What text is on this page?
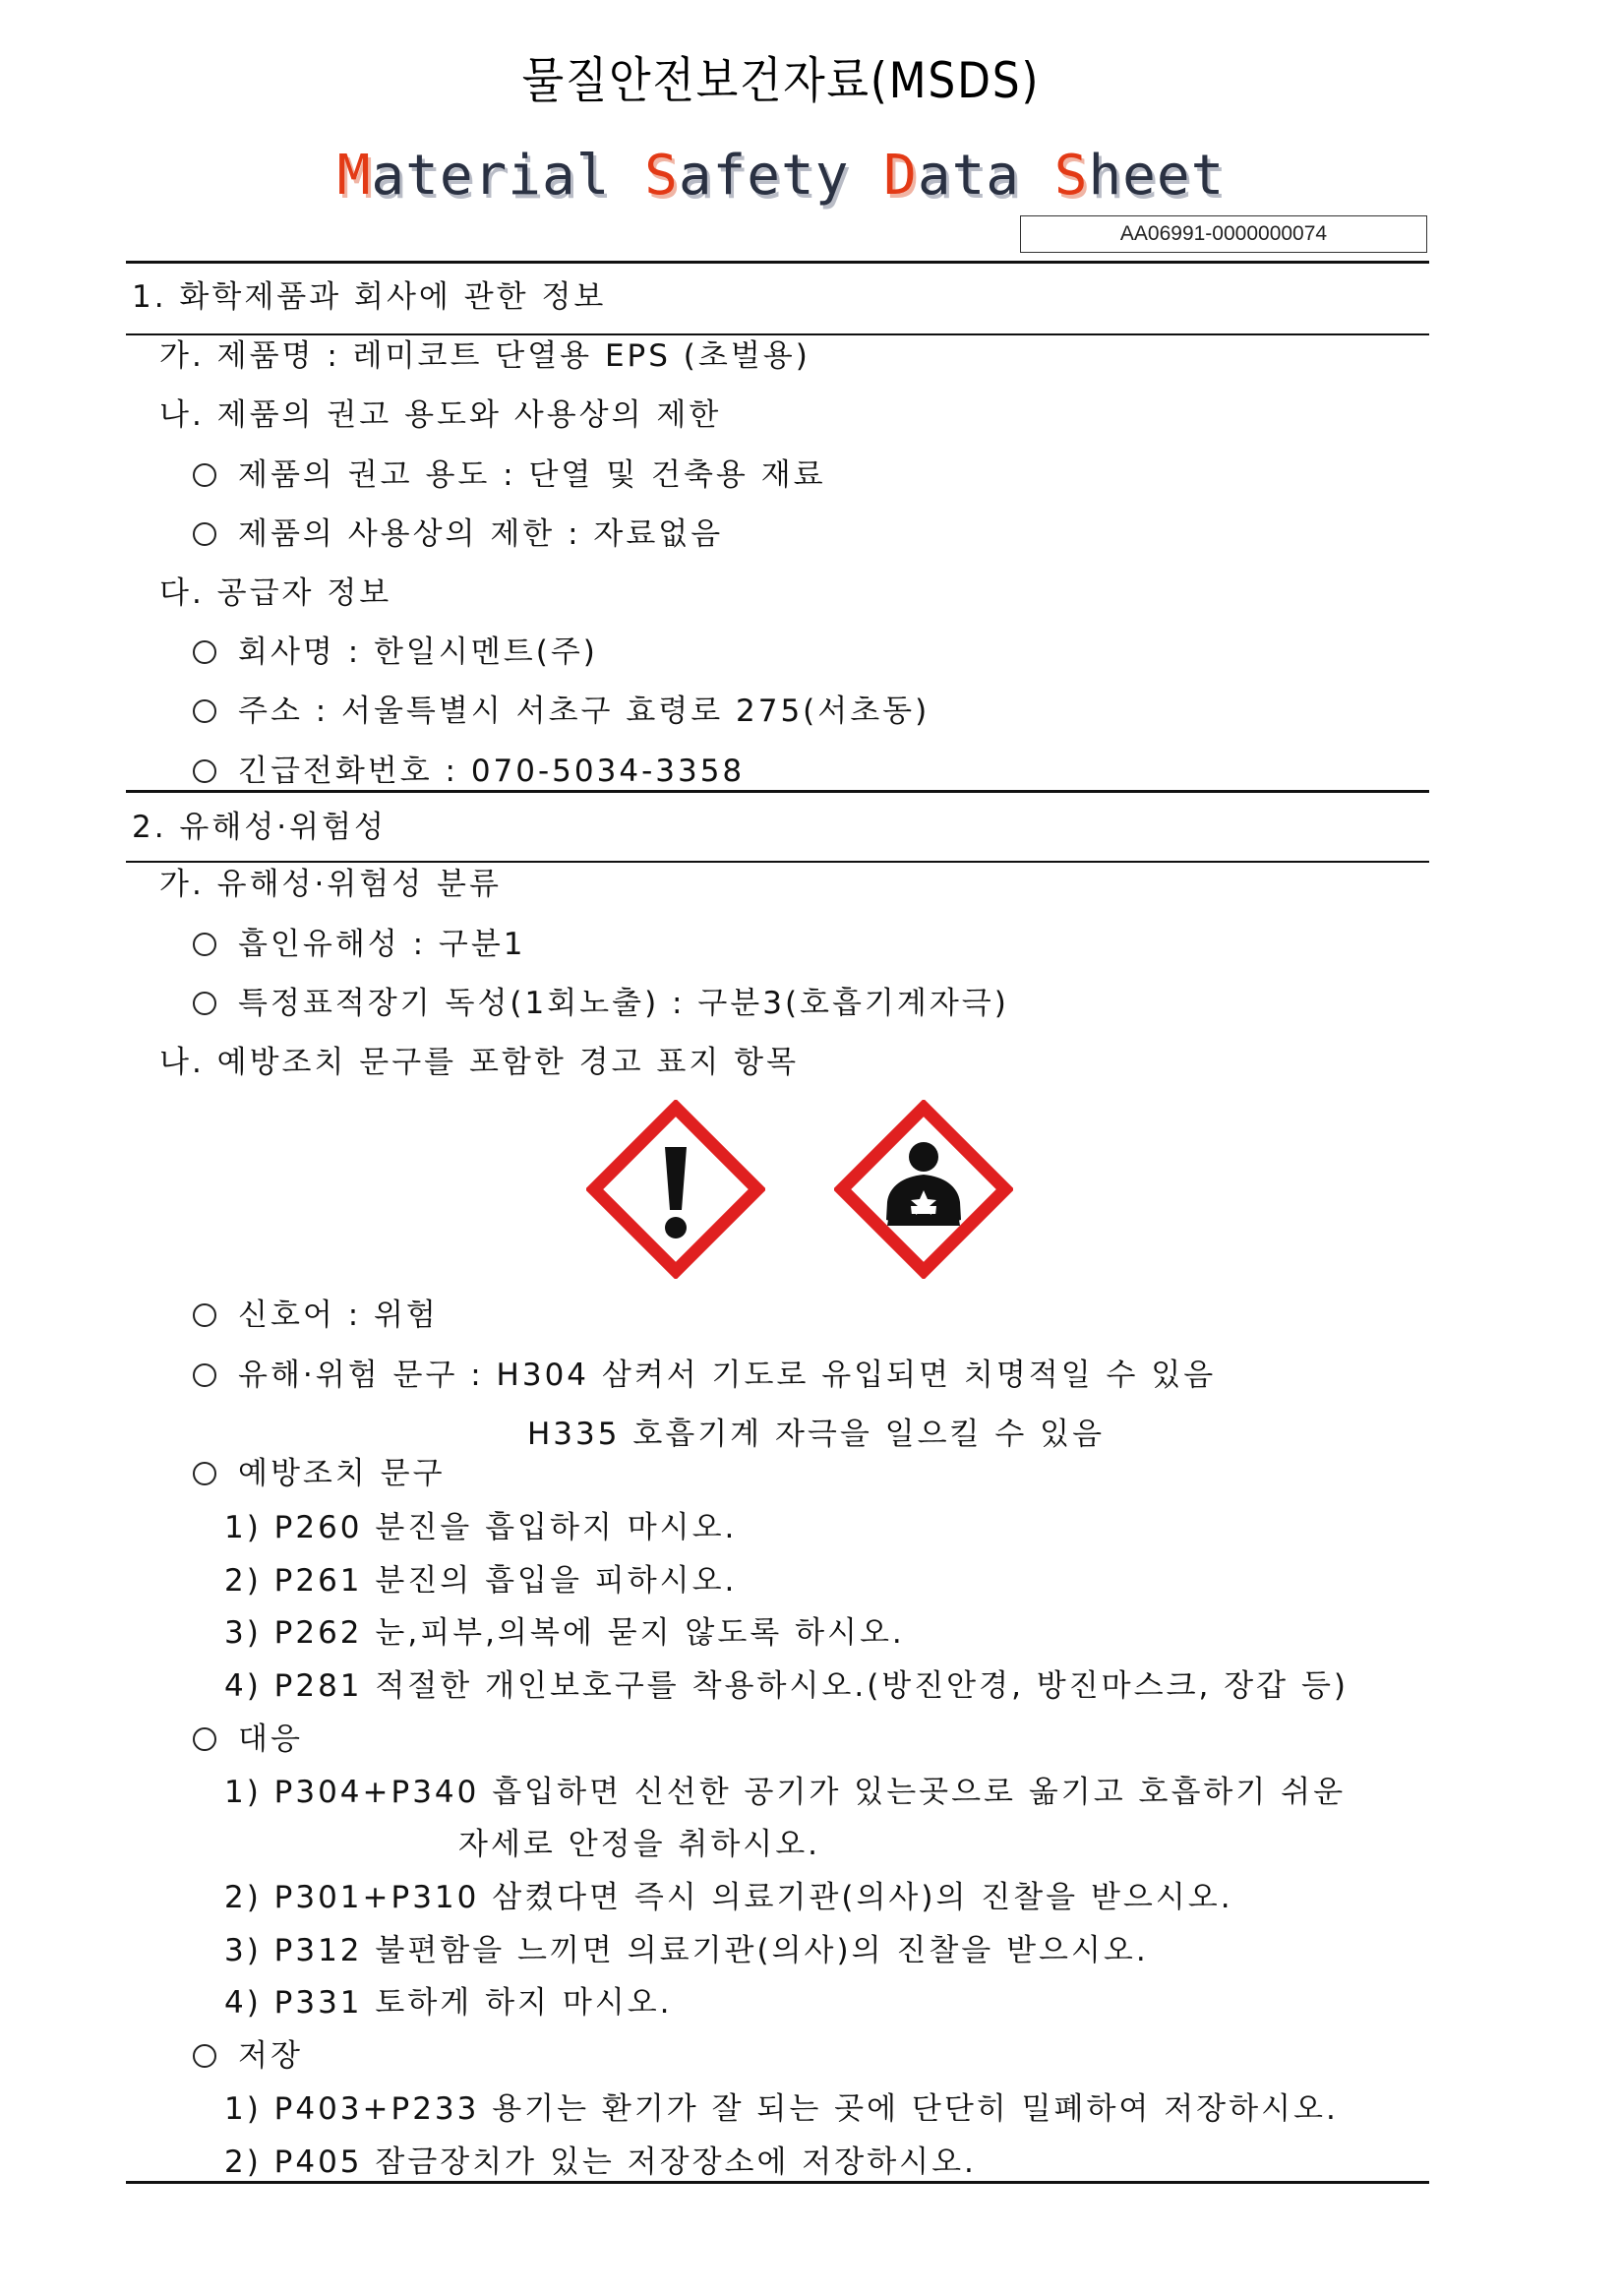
물질안전보건자료(MSDS)
Material Safety Data Sheet
AA06991-0000000074
1. 화학제품과 회사에 관한 정보
가. 제품명 : 레미코트 단열용 EPS (초벌용)
나. 제품의 권고 용도와 사용상의 제한
제품의 권고 용도 : 단열 및 건축용 재료
제품의 사용상의 제한 : 자료없음
다. 공급자 정보
회사명 : 한일시멘트(주)
주소 : 서울특별시 서초구 효령로 275(서초동)
긴급전화번호 : 070-5034-3358
2. 유해성·위험성
가. 유해성·위험성 분류
흡인유해성 : 구분1
특정표적장기 독성(1회노출) : 구분3(호흡기계자극)
나. 예방조치 문구를 포함한 경고 표지 항목
신호어 : 위험
유해·위험 문구 : H304 삼켜서 기도로 유입되면 치명적일 수 있음
H335 호흡기계 자극을 일으킬 수 있음
예방조치 문구
1) P260 분진을 흡입하지 마시오.
2) P261 분진의 흡입을 피하시오.
3) P262 눈,피부,의복에 묻지 않도록 하시오.
4) P281 적절한 개인보호구를 착용하시오.(방진안경, 방진마스크, 장갑 등)
대응
1) P304+P340 흡입하면 신선한 공기가 있는곳으로 옮기고 호흡하기 쉬운
자세로 안정을 취하시오.
2) P301+P310 삼켰다면 즉시 의료기관(의사)의 진찰을 받으시오.
3) P312 불편함을 느끼면 의료기관(의사)의 진찰을 받으시오.
4) P331 토하게 하지 마시오.
저장
1) P403+P233 용기는 환기가 잘 되는 곳에 단단히 밀폐하여 저장하시오.
2) P405 잠금장치가 있는 저장장소에 저장하시오.
